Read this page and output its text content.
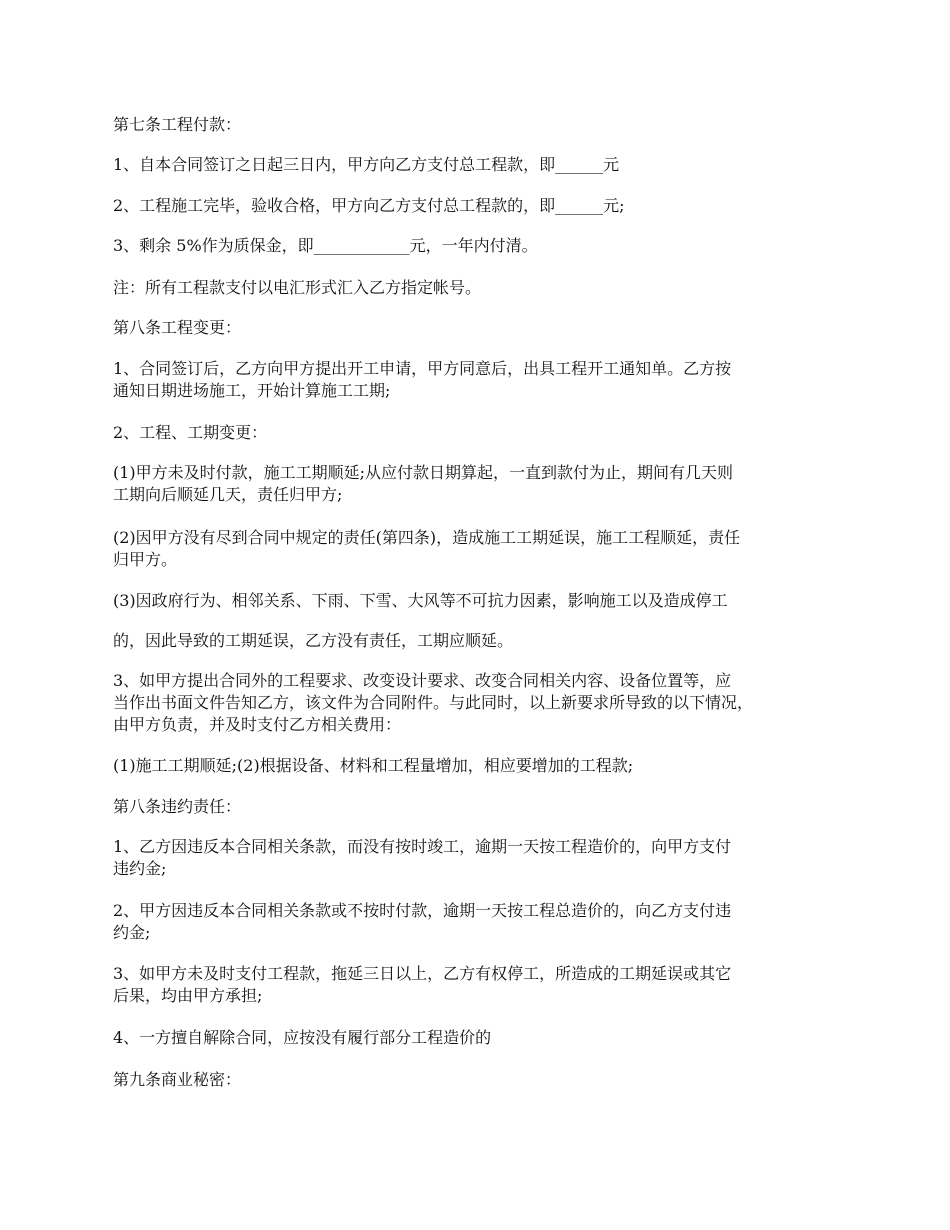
第七条工程付款：

1、自本合同签订之日起三日内，甲方向乙方支付总工程款，即______元

2、工程施工完毕，验收合格，甲方向乙方支付总工程款的，即______元;

3、剩余 5%作为质保金，即____________元，一年内付清。

注：所有工程款支付以电汇形式汇入乙方指定帐号。

第八条工程变更：

1、合同签订后，乙方向甲方提出开工申请，甲方同意后，出具工程开工通知单。乙方按

通知日期进场施工，开始计算施工工期;

2、工程、工期变更：

(1)甲方未及时付款，施工工期顺延;从应付款日期算起，一直到款付为止，期间有几天则

工期向后顺延几天，责任归甲方;

(2)因甲方没有尽到合同中规定的责任(第四条)，造成施工工期延误，施工工程顺延，责任

归甲方。

(3)因政府行为、相邻关系、下雨、下雪、大风等不可抗力因素，影响施工以及造成停工

的，因此导致的工期延误，乙方没有责任，工期应顺延。

3、如甲方提出合同外的工程要求、改变设计要求、改变合同相关内容、设备位置等，应

当作出书面文件告知乙方，该文件为合同附件。与此同时，以上新要求所导致的以下情况，

由甲方负责，并及时支付乙方相关费用：

(1)施工工期顺延;(2)根据设备、材料和工程量增加，相应要增加的工程款;

第八条违约责任：

1、乙方因违反本合同相关条款，而没有按时竣工，逾期一天按工程造价的，向甲方支付

违约金;

2、甲方因违反本合同相关条款或不按时付款，逾期一天按工程总造价的，向乙方支付违

约金;

3、如甲方未及时支付工程款，拖延三日以上，乙方有权停工，所造成的工期延误或其它

后果，均由甲方承担;

4、一方擅自解除合同，应按没有履行部分工程造价的

第九条商业秘密：
